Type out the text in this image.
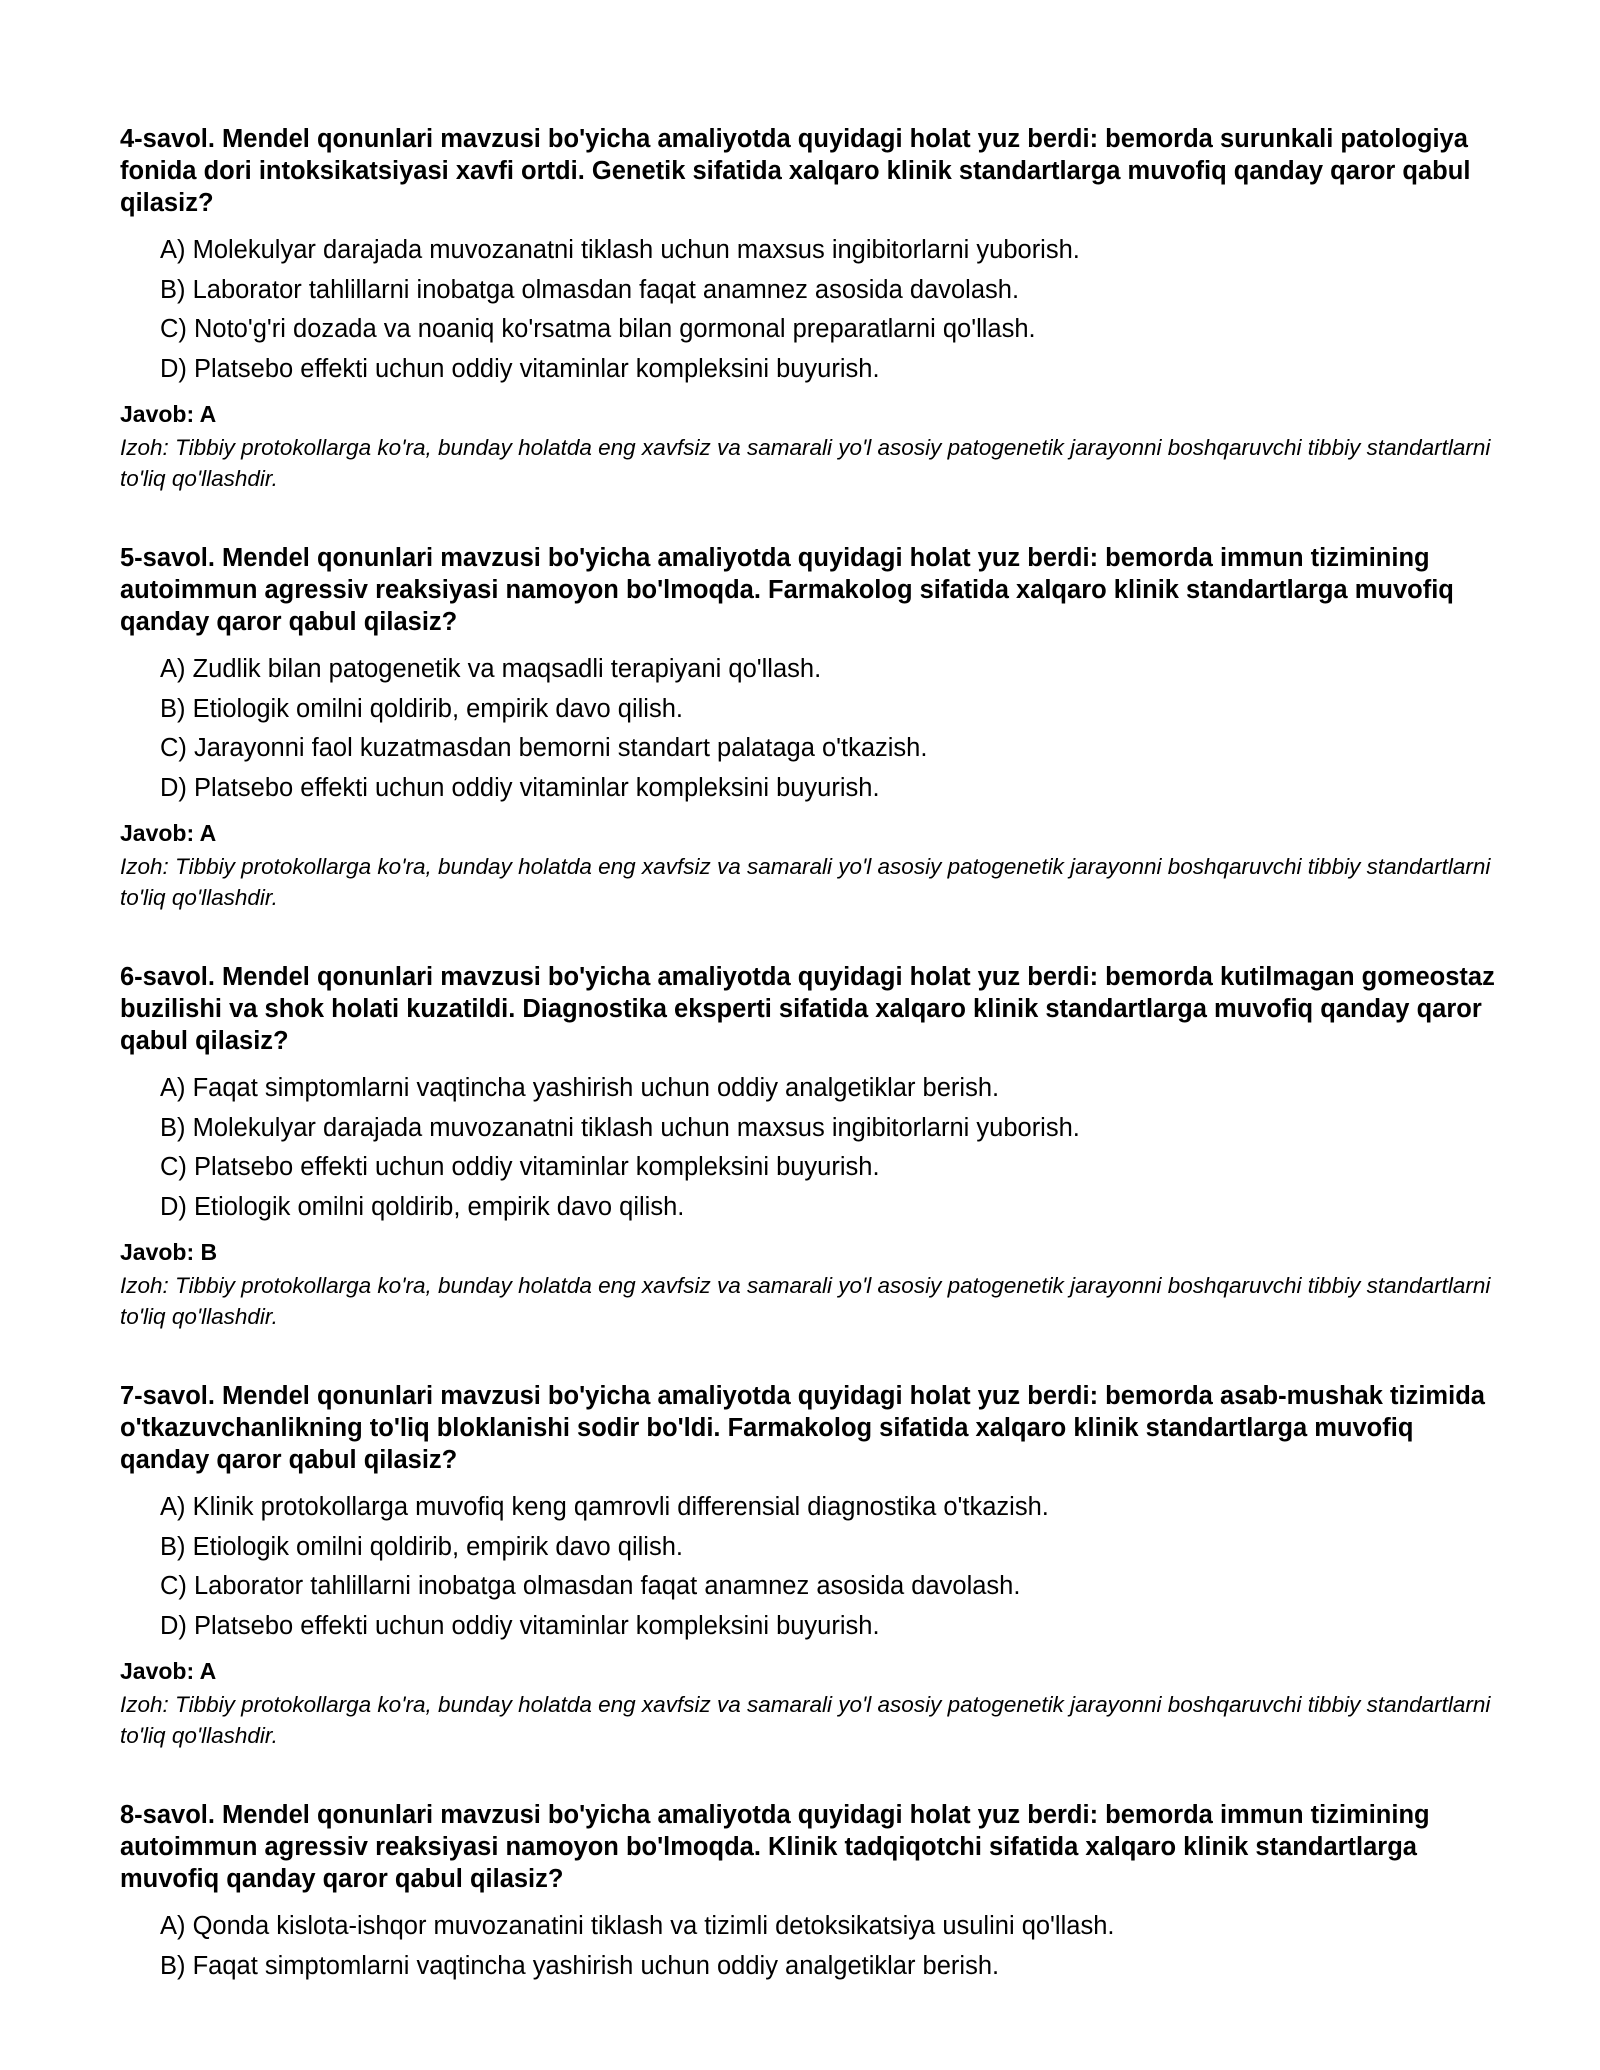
4-savol. Mendel qonunlari mavzusi bo'yicha amaliyotda quyidagi holat yuz berdi: bemorda surunkali patologiya fonida dori intoksikatsiyasi xavfi ortdi. Genetik sifatida xalqaro klinik standartlarga muvofiq qanday qaror qabul qilasiz?

A) Molekulyar darajada muvozanatni tiklash uchun maxsus ingibitorlarni yuborish.
B) Laborator tahlillarni inobatga olmasdan faqat anamnez asosida davolash.
C) Noto'g'ri dozada va noaniq ko'rsatma bilan gormonal preparatlarni qo'llash.
D) Platsebo effekti uchun oddiy vitaminlar kompleksini buyurish.

Javob: A

Izoh: Tibbiy protokollarga ko'ra, bunday holatda eng xavfsiz va samarali yo'l asosiy patogenetik jarayonni boshqaruvchi tibbiy standartlarni to'liq qo'llashdir.

5-savol. Mendel qonunlari mavzusi bo'yicha amaliyotda quyidagi holat yuz berdi: bemorda immun tizimining autoimmun agressiv reaksiyasi namoyon bo'lmoqda. Farmakolog sifatida xalqaro klinik standartlarga muvofiq qanday qaror qabul qilasiz?

A) Zudlik bilan patogenetik va maqsadli terapiyani qo'llash.
B) Etiologik omilni qoldirib, empirik davo qilish.
C) Jarayonni faol kuzatmasdan bemorni standart palataga o'tkazish.
D) Platsebo effekti uchun oddiy vitaminlar kompleksini buyurish.

Javob: A

Izoh: Tibbiy protokollarga ko'ra, bunday holatda eng xavfsiz va samarali yo'l asosiy patogenetik jarayonni boshqaruvchi tibbiy standartlarni to'liq qo'llashdir.

6-savol. Mendel qonunlari mavzusi bo'yicha amaliyotda quyidagi holat yuz berdi: bemorda kutilmagan gomeostaz buzilishi va shok holati kuzatildi. Diagnostika eksperti sifatida xalqaro klinik standartlarga muvofiq qanday qaror qabul qilasiz?

A) Faqat simptomlarni vaqtincha yashirish uchun oddiy analgetiklar berish.
B) Molekulyar darajada muvozanatni tiklash uchun maxsus ingibitorlarni yuborish.
C) Platsebo effekti uchun oddiy vitaminlar kompleksini buyurish.
D) Etiologik omilni qoldirib, empirik davo qilish.

Javob: B

Izoh: Tibbiy protokollarga ko'ra, bunday holatda eng xavfsiz va samarali yo'l asosiy patogenetik jarayonni boshqaruvchi tibbiy standartlarni to'liq qo'llashdir.

7-savol. Mendel qonunlari mavzusi bo'yicha amaliyotda quyidagi holat yuz berdi: bemorda asab-mushak tizimida o'tkazuvchanlikning to'liq bloklanishi sodir bo'ldi. Farmakolog sifatida xalqaro klinik standartlarga muvofiq qanday qaror qabul qilasiz?

A) Klinik protokollarga muvofiq keng qamrovli differensial diagnostika o'tkazish.
B) Etiologik omilni qoldirib, empirik davo qilish.
C) Laborator tahlillarni inobatga olmasdan faqat anamnez asosida davolash.
D) Platsebo effekti uchun oddiy vitaminlar kompleksini buyurish.

Javob: A

Izoh: Tibbiy protokollarga ko'ra, bunday holatda eng xavfsiz va samarali yo'l asosiy patogenetik jarayonni boshqaruvchi tibbiy standartlarni to'liq qo'llashdir.

8-savol. Mendel qonunlari mavzusi bo'yicha amaliyotda quyidagi holat yuz berdi: bemorda immun tizimining autoimmun agressiv reaksiyasi namoyon bo'lmoqda. Klinik tadqiqotchi sifatida xalqaro klinik standartlarga muvofiq qanday qaror qabul qilasiz?

A) Qonda kislota-ishqor muvozanatini tiklash va tizimli detoksikatsiya usulini qo'llash.
B) Faqat simptomlarni vaqtincha yashirish uchun oddiy analgetiklar berish.
